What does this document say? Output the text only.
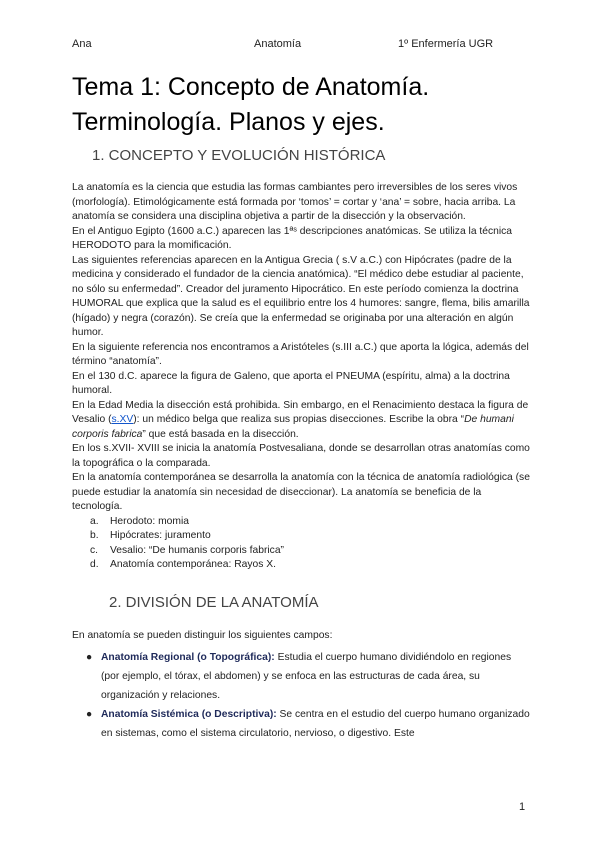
Ana	Anatomía	1º Enfermería UGR
Tema 1: Concepto de Anatomía. Terminología. Planos y ejes.
1. CONCEPTO Y EVOLUCIÓN HISTÓRICA

La anatomía es la ciencia que estudia las formas cambiantes pero irreversibles de los seres vivos (morfología). Etimológicamente está formada por ‘tomos’ = cortar y ‘ana’ = sobre, hacia arriba. La anatomía se considera una disciplina objetiva a partir de la disección y la observación.

En el Antiguo Egipto (1600 a.C.) aparecen las 1ªˢ descripciones anatómicas. Se utiliza la técnica HERODOTO para la momificación.

Las siguientes referencias aparecen en la Antigua Grecia ( s.V a.C.) con Hipócrates (padre de la medicina y considerado el fundador de la ciencia anatómica). “El médico debe estudiar al paciente, no sólo su enfermedad”. Creador del juramento Hipocrático. En este período comienza la doctrina HUMORAL que explica que la salud es el equilibrio entre los 4 humores: sangre, flema, bilis amarilla (hígado) y negra (corazón). Se creía que la enfermedad se originaba por una alteración en algún humor.

En la siguiente referencia nos encontramos a Aristóteles (s.III a.C.) que aporta la lógica, además del término “anatomía”.

En el 130 d.C. aparece la figura de Galeno, que aporta el PNEUMA (espíritu, alma) a la doctrina humoral.

En la Edad Media la disección está prohibida. Sin embargo, en el Renacimiento destaca la figura de Vesalio (s.XV): un médico belga que realiza sus propias disecciones. Escribe la obra “De humani corporis fabrica” que está basada en la disección.

En los s.XVII- XVIII se inicia la anatomía Postvesaliana, donde se desarrollan otras anatomías como la topográfica o la comparada.

En la anatomía contemporánea se desarrolla la anatomía con la técnica de anatomía radiológica (se puede estudiar la anatomía sin necesidad de diseccionar). La anatomía se beneficia de la tecnología.

a. Herodoto: momia
b. Hipócrates: juramento
c. Vesalio: “De humanis corporis fabrica”
d. Anatomía contemporánea: Rayos X.
2. DIVISIÓN DE LA ANATOMÍA
En anatomía se pueden distinguir los siguientes campos:
● Anatomía Regional (o Topográfica): Estudia el cuerpo humano dividiéndolo en regiones (por ejemplo, el tórax, el abdomen) y se enfoca en las estructuras de cada área, su organización y relaciones.
● Anatomía Sistémica (o Descriptiva): Se centra en el estudio del cuerpo humano organizado en sistemas, como el sistema circulatorio, nervioso, o digestivo. Este
1
